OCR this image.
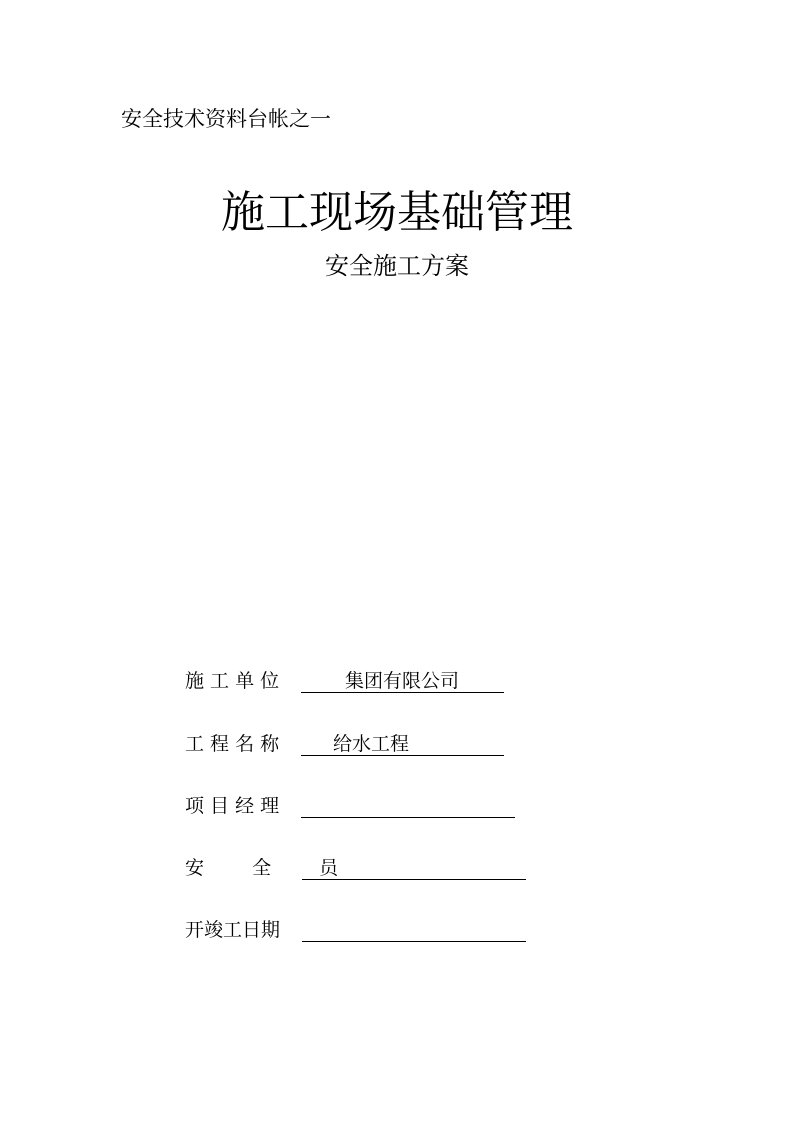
安全技术资料台帐之一
施工现场基础管理
安全施工方案
施 工 单 位	集团有限公司
工 程 名 称	给水工程
项 目 经 理
安  全  员
开竣工日期
